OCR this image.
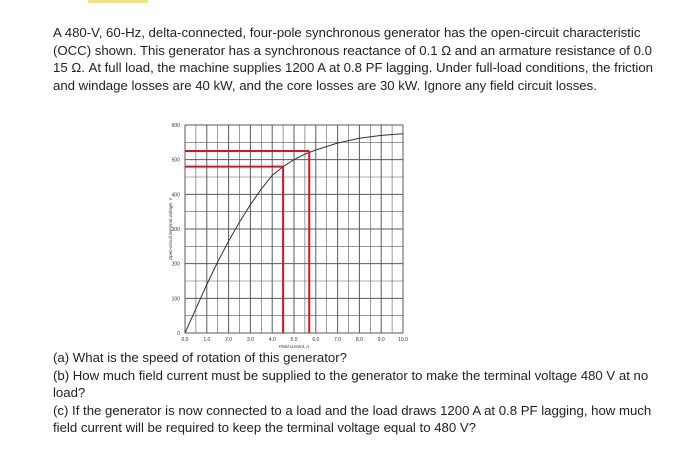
A 480-V, 60-Hz, delta-connected, four-pole synchronous generator has the open-circuit characteristic (OCC) shown. This generator has a synchronous reactance of 0.1 Ω and an armature resistance of 0.0 15 Ω. At full load, the machine supplies 1200 A at 0.8 PF lagging. Under full-load conditions, the friction and windage losses are 40 kW, and the core losses are 30 kW. Ignore any field circuit losses.
0.0	1.0	2.0	3.0	4.0	5.0	6.0	7.0	8.0	9.0	10.0
0
100
200
300
400
500
600
Field current, A
Open-circuit terminal voltage, V

(a) What is the speed of rotation of this generator?

(b) How much field current must be supplied to the generator to make the terminal voltage 480 V at no load?

(c) If the generator is now connected to a load and the load draws 1200 A at 0.8 PF lagging, how much field current will be required to keep the terminal voltage equal to 480 V?
